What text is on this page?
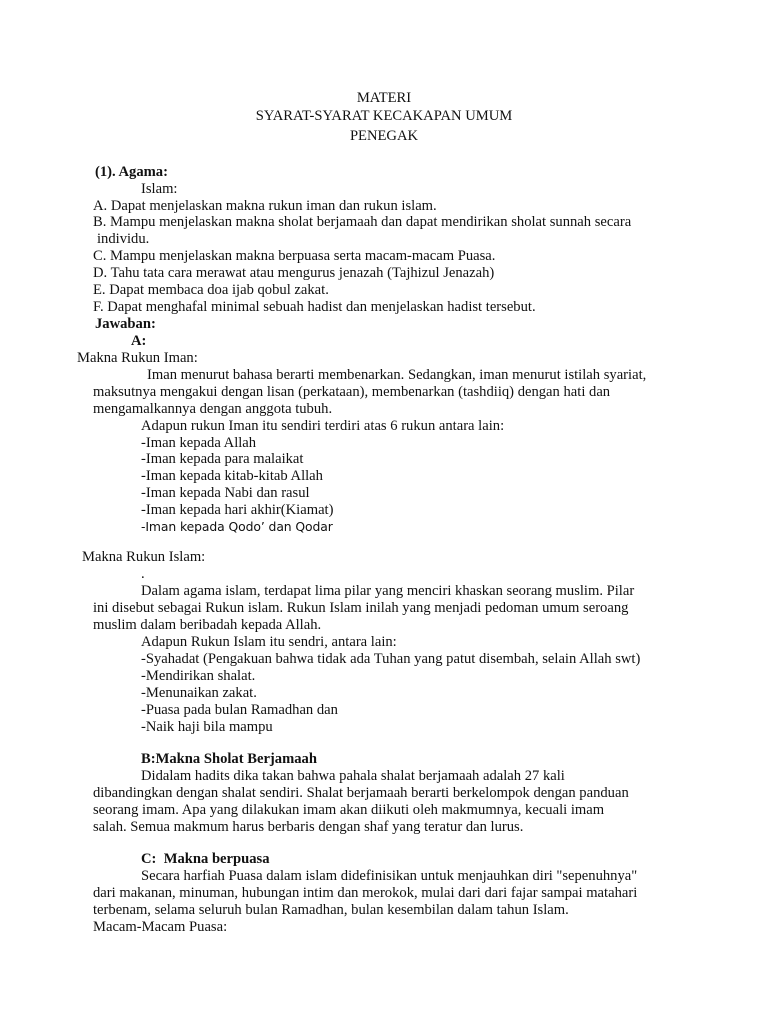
MATERI
SYARAT-SYARAT KECAKAPAN UMUM
PENEGAK
(1). Agama:
Islam:
A. Dapat menjelaskan makna rukun iman dan rukun islam.
B. Mampu menjelaskan makna sholat berjamaah dan dapat mendirikan sholat sunnah secara
individu.
C. Mampu menjelaskan makna berpuasa serta macam-macam Puasa.
D. Tahu tata cara merawat atau mengurus jenazah (Tajhizul Jenazah)
E. Dapat membaca doa ijab qobul zakat.
F. Dapat menghafal minimal sebuah hadist dan menjelaskan hadist tersebut.
Jawaban:
A:
Makna Rukun Iman:
Iman menurut bahasa berarti membenarkan. Sedangkan, iman menurut istilah syariat,
maksutnya mengakui dengan lisan (perkataan), membenarkan (tashdiiq) dengan hati dan
mengamalkannya dengan anggota tubuh.
Adapun rukun Iman itu sendiri terdiri atas 6 rukun antara lain:
-Iman kepada Allah
-Iman kepada para malaikat
-Iman kepada kitab-kitab Allah
-Iman kepada Nabi dan rasul
-Iman kepada hari akhir(Kiamat)
-Iman kepada Qodo’ dan Qodar
Makna Rukun Islam:
.
Dalam agama islam, terdapat lima pilar yang menciri khaskan seorang muslim. Pilar
ini disebut sebagai Rukun islam. Rukun Islam inilah yang menjadi pedoman umum seroang
muslim dalam beribadah kepada Allah.
Adapun Rukun Islam itu sendri, antara lain:
-Syahadat (Pengakuan bahwa tidak ada Tuhan yang patut disembah, selain Allah swt)
-Mendirikan shalat.
-Menunaikan zakat.
-Puasa pada bulan Ramadhan dan
-Naik haji bila mampu
B:Makna Sholat Berjamaah
Didalam hadits dika takan bahwa pahala shalat berjamaah adalah 27 kali
dibandingkan dengan shalat sendiri. Shalat berjamaah berarti berkelompok dengan panduan
seorang imam. Apa yang dilakukan imam akan diikuti oleh makmumnya, kecuali imam
salah. Semua makmum harus berbaris dengan shaf yang teratur dan lurus.
C:  Makna berpuasa
Secara harfiah Puasa dalam islam didefinisikan untuk menjauhkan diri "sepenuhnya"
dari makanan, minuman, hubungan intim dan merokok, mulai dari dari fajar sampai matahari
terbenam, selama seluruh bulan Ramadhan, bulan kesembilan dalam tahun Islam.
Macam-Macam Puasa:
